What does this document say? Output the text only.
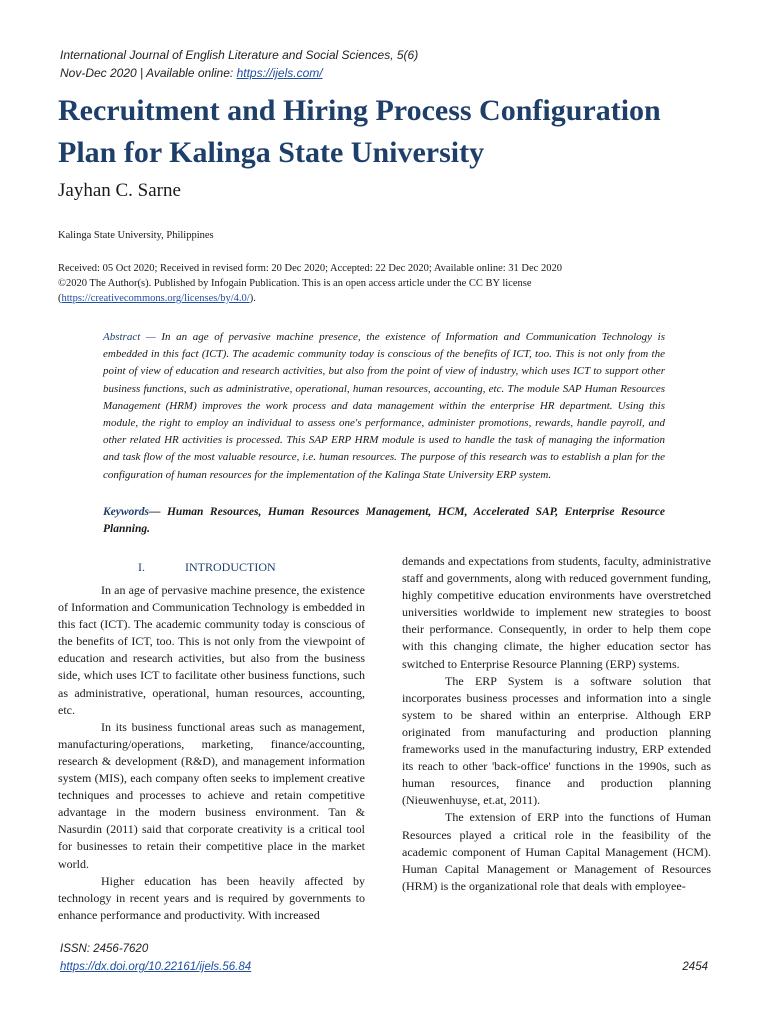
International Journal of English Literature and Social Sciences, 5(6)
Nov-Dec 2020 | Available online: https://ijels.com/
Recruitment and Hiring Process Configuration Plan for Kalinga State University
Jayhan C. Sarne
Kalinga State University, Philippines
Received: 05 Oct 2020; Received in revised form: 20 Dec 2020; Accepted: 22 Dec 2020; Available online: 31 Dec 2020
©2020 The Author(s). Published by Infogain Publication. This is an open access article under the CC BY license
(https://creativecommons.org/licenses/by/4.0/).
Abstract — In an age of pervasive machine presence, the existence of Information and Communication Technology is embedded in this fact (ICT). The academic community today is conscious of the benefits of ICT, too. This is not only from the point of view of education and research activities, but also from the point of view of industry, which uses ICT to support other business functions, such as administrative, operational, human resources, accounting, etc. The module SAP Human Resources Management (HRM) improves the work process and data management within the enterprise HR department. Using this module, the right to employ an individual to assess one's performance, administer promotions, rewards, handle payroll, and other related HR activities is processed. This SAP ERP HRM module is used to handle the task of managing the information and task flow of the most valuable resource, i.e. human resources. The purpose of this research was to establish a plan for the configuration of human resources for the implementation of the Kalinga State University ERP system.
Keywords— Human Resources, Human Resources Management, HCM, Accelerated SAP, Enterprise Resource Planning.
I.	INTRODUCTION

In an age of pervasive machine presence, the existence of Information and Communication Technology is embedded in this fact (ICT). The academic community today is conscious of the benefits of ICT, too. This is not only from the viewpoint of education and research activities, but also from the business side, which uses ICT to facilitate other business functions, such as administrative, operational, human resources, accounting, etc.

In its business functional areas such as management, manufacturing/operations, marketing, finance/accounting, research & development (R&D), and management information system (MIS), each company often seeks to implement creative techniques and processes to achieve and retain competitive advantage in the modern business environment. Tan & Nasurdin (2011) said that corporate creativity is a critical tool for businesses to retain their competitive place in the market world.

Higher education has been heavily affected by technology in recent years and is required by governments to enhance performance and productivity. With increased

demands and expectations from students, faculty, administrative staff and governments, along with reduced government funding, highly competitive education environments have overstretched universities worldwide to implement new strategies to boost their performance. Consequently, in order to help them cope with this changing climate, the higher education sector has switched to Enterprise Resource Planning (ERP) systems.

The ERP System is a software solution that incorporates business processes and information into a single system to be shared within an enterprise. Although ERP originated from manufacturing and production planning frameworks used in the manufacturing industry, ERP extended its reach to other 'back-office' functions in the 1990s, such as human resources, finance and production planning (Nieuwenhuyse, et.at, 2011).

The extension of ERP into the functions of Human Resources played a critical role in the feasibility of the academic component of Human Capital Management (HCM). Human Capital Management or Management of Resources (HRM) is the organizational role that deals with employee-

ISSN: 2456-7620
https://dx.doi.org/10.22161/ijels.56.84	2454
